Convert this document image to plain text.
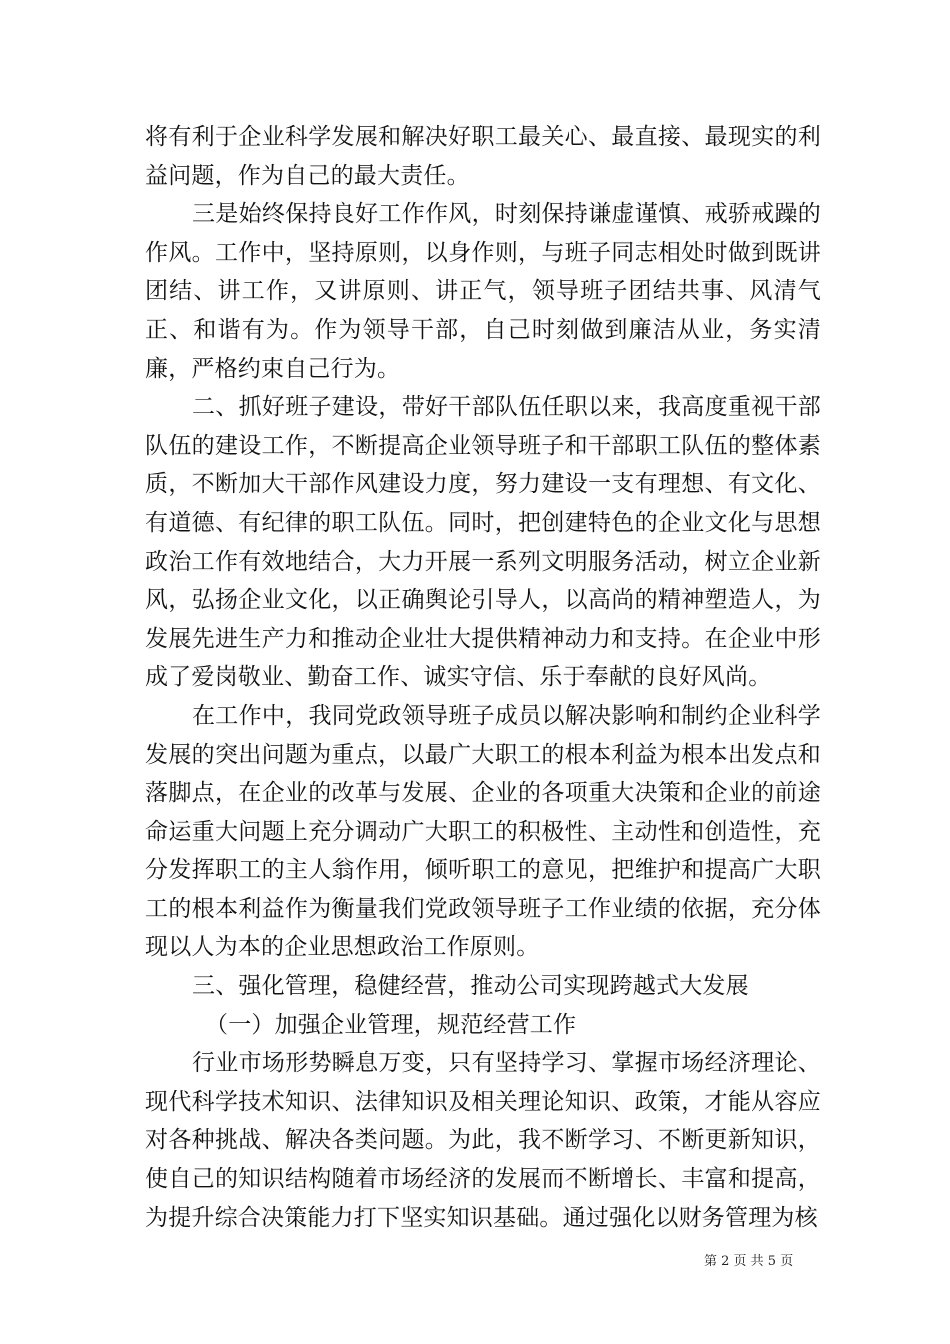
将有利于企业科学发展和解决好职工最关心、最直接、最现实的利益问题，作为自己的最大责任。

三是始终保持良好工作作风，时刻保持谦虚谨慎、戒骄戒躁的作风。工作中，坚持原则，以身作则，与班子同志相处时做到既讲团结、讲工作，又讲原则、讲正气，领导班子团结共事、风清气正、和谐有为。作为领导干部，自己时刻做到廉洁从业，务实清廉，严格约束自己行为。

二、抓好班子建设，带好干部队伍任职以来，我高度重视干部队伍的建设工作，不断提高企业领导班子和干部职工队伍的整体素质，不断加大干部作风建设力度，努力建设一支有理想、有文化、有道德、有纪律的职工队伍。同时，把创建特色的企业文化与思想政治工作有效地结合，大力开展一系列文明服务活动，树立企业新风，弘扬企业文化，以正确舆论引导人，以高尚的精神塑造人，为发展先进生产力和推动企业壮大提供精神动力和支持。在企业中形成了爱岗敬业、勤奋工作、诚实守信、乐于奉献的良好风尚。

在工作中，我同党政领导班子成员以解决影响和制约企业科学发展的突出问题为重点，以最广大职工的根本利益为根本出发点和落脚点，在企业的改革与发展、企业的各项重大决策和企业的前途命运重大问题上充分调动广大职工的积极性、主动性和创造性，充分发挥职工的主人翁作用，倾听职工的意见，把维护和提高广大职工的根本利益作为衡量我们党政领导班子工作业绩的依据，充分体现以人为本的企业思想政治工作原则。

三、强化管理，稳健经营，推动公司实现跨越式大发展

（一）加强企业管理，规范经营工作

行业市场形势瞬息万变，只有坚持学习、掌握市场经济理论、现代科学技术知识、法律知识及相关理论知识、政策，才能从容应对各种挑战、解决各类问题。为此，我不断学习、不断更新知识，使自己的知识结构随着市场经济的发展而不断增长、丰富和提高，为提升综合决策能力打下坚实知识基础。通过强化以财务管理为核

第 2 页 共 5 页
